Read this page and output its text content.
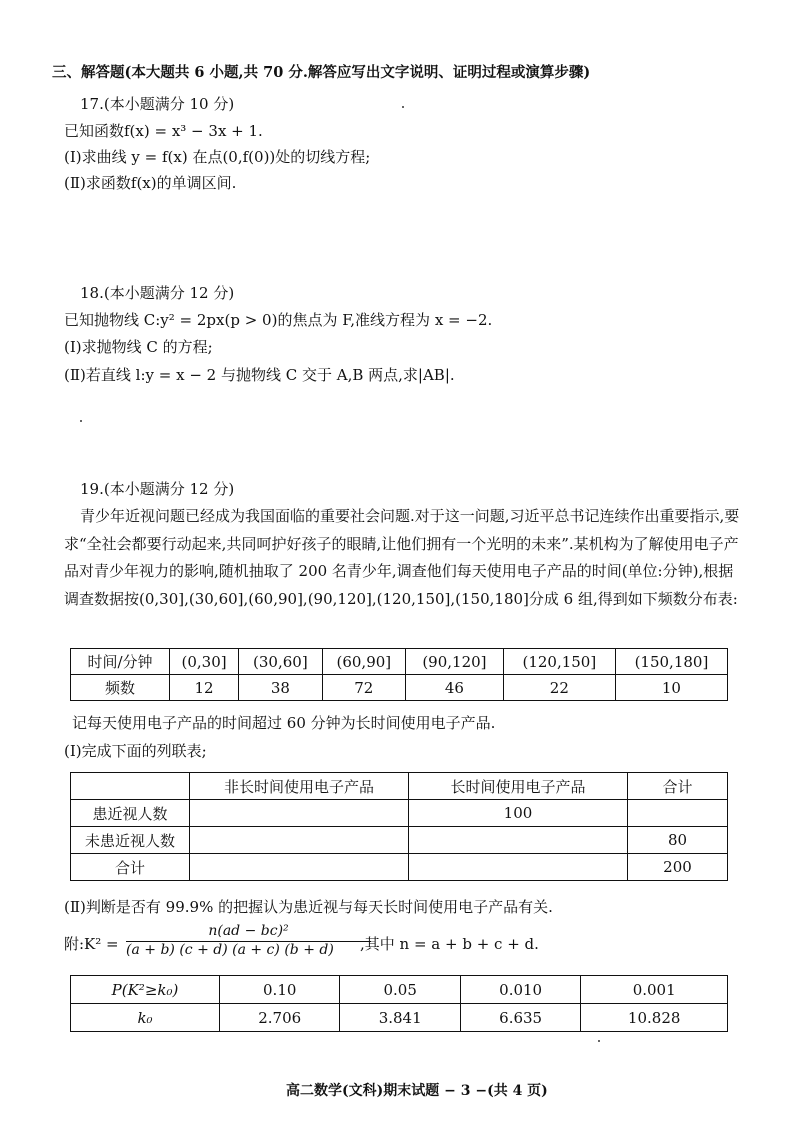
三、解答题(本大题共 6 小题,共 70 分.解答应写出文字说明、证明过程或演算步骤)
17.(本小题满分 10 分)
已知函数f(x) = x³ − 3x + 1.
(Ⅰ)求曲线 y = f(x) 在点(0,f(0))处的切线方程;
(Ⅱ)求函数f(x)的单调区间.
18.(本小题满分 12 分)
已知抛物线 C:y² = 2px(p > 0)的焦点为 F,准线方程为 x = −2.
(Ⅰ)求抛物线 C 的方程;
(Ⅱ)若直线 l:y = x − 2 与抛物线 C 交于 A,B 两点,求|AB|.
19.(本小题满分 12 分)
青少年近视问题已经成为我国面临的重要社会问题.对于这一问题,习近平总书记连续作出重要指示,要求“全社会都要行动起来,共同呵护好孩子的眼睛,让他们拥有一个光明的未来”.某机构为了解使用电子产品对青少年视力的影响,随机抽取了 200 名青少年,调查他们每天使用电子产品的时间(单位:分钟),根据调查数据按(0,30],(30,60],(60,90],(90,120],(120,150],(150,180]分成 6 组,得到如下频数分布表:
时间/分钟	(0,30]	(30,60]	(60,90]	(90,120]	(120,150]	(150,180]
频数	12	38	72	46	22	10
记每天使用电子产品的时间超过 60 分钟为长时间使用电子产品.
(Ⅰ)完成下面的列联表;
	非长时间使用电子产品	长时间使用电子产品	合计
患近视人数		100	
未患近视人数			80
合计			200
(Ⅱ)判断是否有 99.9% 的把握认为患近视与每天长时间使用电子产品有关.
附:K² =
n(ad − bc)²
(a + b) (c + d) (a + c) (b + d) ,其中 n = a + b + c + d.
P(K²≥k₀)	0.10	0.05	0.010	0.001
k₀	2.706	3.841	6.635	10.828
高二数学(文科)期末试题 − 3 −(共 4 页)
